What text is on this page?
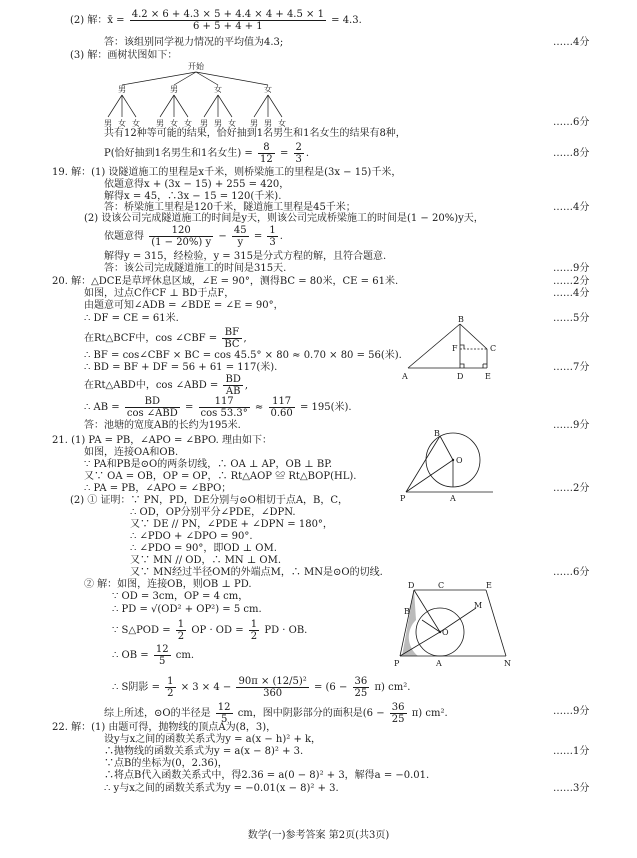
(2) 解：x̄ = $\frac{4.2 \times 6 + 4.3 \times 5 + 4.4 \times 4 + 4.5 \times 1}{6 + 5 + 4 + 1} = 4.3$.
答：该组别同学视力情况的平均值为4.3;	……4分
(3) 解：画树状图如下：
开始
男
男 女 女
男
男 女 女
女
男 男 女
女
男 男 女	……6分
共有12种等可能的结果，恰好抽到1名男生和1名女生的结果有8种，
P(恰好抽到1名男生和1名女生) = $\frac{8}{12} = \frac{2}{3}$ .	……8分
19. 解：(1) 设隧道施工的里程是x千米，则桥梁施工的里程是(3x − 15)千米，
依题意得x + (3x − 15) + 255 = 420，
解得x = 45，∴3x − 15 = 120(千米).
答：桥梁施工里程是120千米，隧道施工里程是45千米；	……4分
(2) 设该公司完成隧道施工的时间是y天，则该公司完成桥梁施工的时间是(1 − 20%)y天，
依题意得 $\frac{120}{(1 - 20\%) y} - \frac{45}{y} = \frac{1}{3}$ .
解得y = 315，经检验，y = 315是分式方程的解，且符合题意.
答：该公司完成隧道施工的时间是315天.	……9分
20. 解：△DCE是草坪休息区域，∠E = 90°，测得BC = 80米，CE = 61米.	……2分
如图，过点C作CF ⊥ BD于点F，	……4分
由题意可知∠ADB = ∠BDE = ∠E = 90°，
∴ DF = CE = 61米.	……5分
在Rt△BCF中，cos ∠CBF = $\frac{BF}{BC}$ ,
∴ BF = cos∠CBF × BC = cos 45.5° × 80 ≈ 0.70 × 80 = 56(米).
∴ BD = BF + DF = 56 + 61 = 117(米).	……7分
在Rt△ABD中，cos ∠ABD = $\frac{BD}{AB}$ ,
∴ AB = $\frac{BD}{\text{cos ∠ABD}} = \frac{117}{\cos 53.3^\circ} \approx \frac{117}{0.60} = 195$(米).
答：池塘的宽度AB的长约为195米.	……9分
B
F	C
A	D	E
21. (1) PA = PB，∠APO = ∠BPO. 理由如下：
如图，连接OA和OB.
∵ PA和PB是⊙O的两条切线，∴ OA ⊥ AP，OB ⊥ BP.
又∵ OA = OB，OP = OP，∴ Rt△AOP ≌ Rt△BOP(HL).
∴ PA = PB，∠APO = ∠BPO；	……2分
(2) ① 证明：∵ PN，PD，DE分别与⊙O相切于点A，B，C，
∴ OD，OP分别平分∠PDE，∠DPN.
又∵ DE // PN，∠PDE + ∠DPN = 180°，
∴ ∠PDO + ∠DPO = 90°.
∴ ∠PDO = 90°，即OD ⊥ OM.
又∵ MN // OD，∴ MN ⊥ OM.
又∵ MN经过半径OM的外端点M，∴ MN是⊙O的切线.	……6分
② 解：如图，连接OB，则OB ⊥ PD.
∵ OD = 3cm，OP = 4 cm，
∴ PD = √(OD² + OP²) = 5 cm.
∵ S△POD = $\frac{1}{2}$ OP · OD = $\frac{1}{2}$ PD · OB.
∴ OB = $\frac{12}{5}$ cm.
∴ S阴影 = $\frac{1}{2} \times 3 \times 4 - \frac{\text{90π × (12/5)²}}{360} = (6 - \frac{36}{25} \pi)$ cm².
综上所述，⊙O的半径是 $\frac{12}{5}$ cm，图中阴影部分的面积是$(6 - \frac{36}{25} \pi)$ cm².	……9分
B
O
P	A
D	C	E
B
M
O
P	A	N
22. 解：(1) 由题可得，抛物线的顶点A为(8，3)，
设y与x之间的函数关系式为y = a(x − h)² + k，
∴抛物线的函数关系式为y = a(x − 8)² + 3.	……1分
∵点B的坐标为(0，2.36)，
∴将点B代入函数关系式中，得2.36 = a(0 − 8)² + 3，解得a = −0.01.
∴ y与x之间的函数关系式为y = −0.01(x − 8)² + 3.	……3分
数学(一)参考答案 第2页(共3页)
